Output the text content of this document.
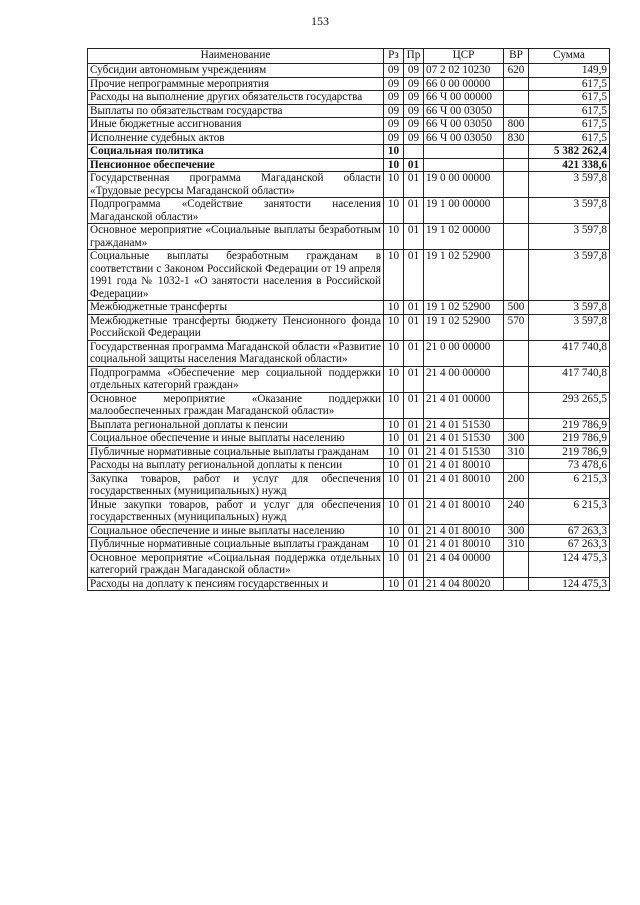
153
Наименование	Рз	Пр	ЦСР	ВР	Сумма
Субсидии автономным учреждениям	09	09	07 2 02 10230	620	149,9
Прочие непрограммные мероприятия	09	09	66 0 00 00000		617,5
Расходы на выполнение других обязательств государства	09	09	66 Ч 00 00000		617,5
Выплаты по обязательствам государства	09	09	66 Ч 00 03050		617,5
Иные бюджетные ассигнования	09	09	66 Ч 00 03050	800	617,5
Исполнение судебных актов	09	09	66 Ч 00 03050	830	617,5
Социальная политика	10				5 382 262,4
Пенсионное обеспечение	10	01			421 338,6
Государственная программа Магаданской области «Трудовые ресурсы Магаданской области»	10	01	19 0 00 00000		3 597,8
Подпрограмма «Содействие занятости населения Магаданской области»	10	01	19 1 00 00000		3 597,8
Основное мероприятие «Социальные выплаты безработным гражданам»	10	01	19 1 02 00000		3 597,8
Социальные выплаты безработным гражданам в соответствии с Законом Российской Федерации от 19 апреля 1991 года № 1032-1 «О занятости населения в Российской Федерации»	10	01	19 1 02 52900		3 597,8
Межбюджетные трансферты	10	01	19 1 02 52900	500	3 597,8
Межбюджетные трансферты бюджету Пенсионного фонда Российской Федерации	10	01	19 1 02 52900	570	3 597,8
Государственная программа Магаданской области «Развитие социальной защиты населения Магаданской области»	10	01	21 0 00 00000		417 740,8
Подпрограмма «Обеспечение мер социальной поддержки отдельных категорий граждан»	10	01	21 4 00 00000		417 740,8
Основное мероприятие «Оказание поддержки малообеспеченных граждан Магаданской области»	10	01	21 4 01 00000		293 265,5
Выплата региональной доплаты к пенсии	10	01	21 4 01 51530		219 786,9
Социальное обеспечение и иные выплаты населению	10	01	21 4 01 51530	300	219 786,9
Публичные нормативные социальные выплаты гражданам	10	01	21 4 01 51530	310	219 786,9
Расходы на выплату региональной доплаты к пенсии	10	01	21 4 01 80010		73 478,6
Закупка товаров, работ и услуг для обеспечения государственных (муниципальных) нужд	10	01	21 4 01 80010	200	6 215,3
Иные закупки товаров, работ и услуг для обеспечения государственных (муниципальных) нужд	10	01	21 4 01 80010	240	6 215,3
Социальное обеспечение и иные выплаты населению	10	01	21 4 01 80010	300	67 263,3
Публичные нормативные социальные выплаты гражданам	10	01	21 4 01 80010	310	67 263,3
Основное мероприятие «Социальная поддержка отдельных категорий граждан Магаданской области»	10	01	21 4 04 00000		124 475,3
Расходы на доплату к пенсиям государственных и	10	01	21 4 04 80020		124 475,3
